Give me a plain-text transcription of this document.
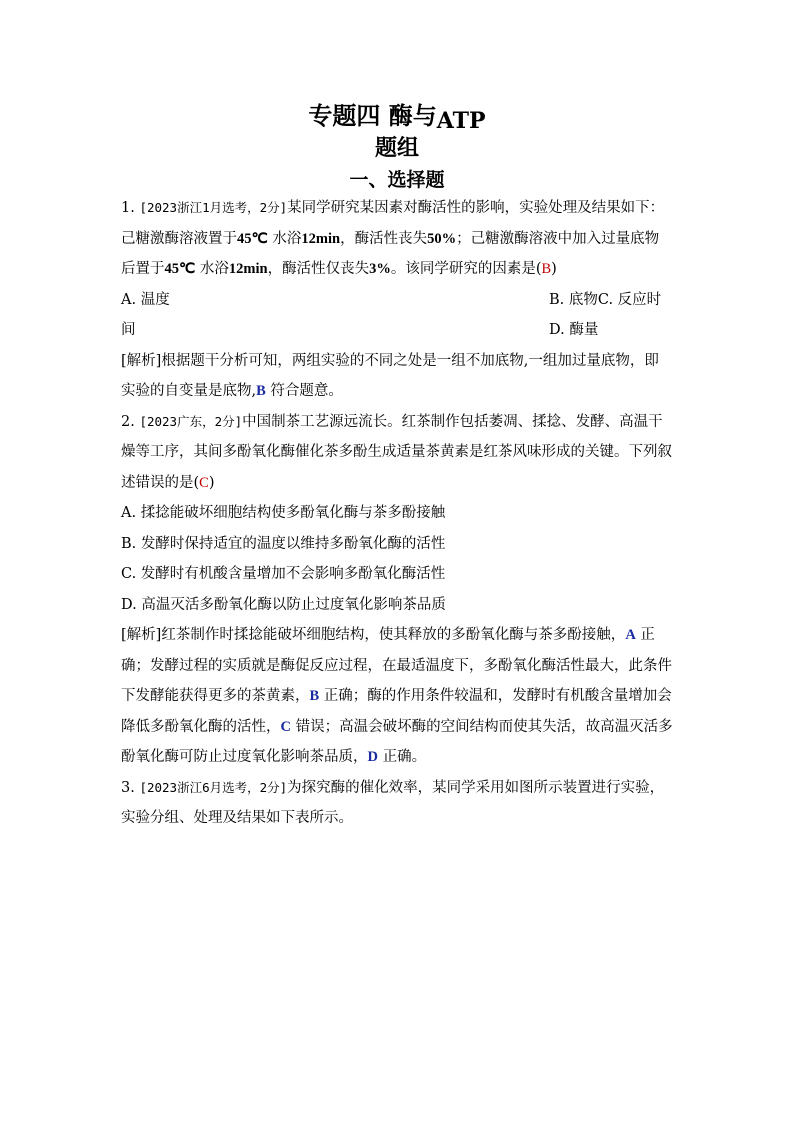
专题四 酶与ATP
题组
一、选择题

1. [2023浙江1月选考，2分]某同学研究某因素对酶活性的影响，实验处理及结果如下：己糖激酶溶液置于45℃ 水浴12min，酶活性丧失50%；己糖激酶溶液中加入过量底物后置于45℃ 水浴12min，酶活性仅丧失3%。该同学研究的因素是(B)

A. 温度	B. 底物C. 反应时
间	D. 酶量

[解析]根据题干分析可知，两组实验的不同之处是一组不加底物,一组加过量底物，即实验的自变量是底物,B 符合题意。

2. [2023广东，2分]中国制茶工艺源远流长。红茶制作包括萎凋、揉捻、发酵、高温干燥等工序，其间多酚氧化酶催化茶多酚生成适量茶黄素是红茶风味形成的关键。下列叙述错误的是(C)

A. 揉捻能破坏细胞结构使多酚氧化酶与茶多酚接触

B. 发酵时保持适宜的温度以维持多酚氧化酶的活性

C. 发酵时有机酸含量增加不会影响多酚氧化酶活性

D. 高温灭活多酚氧化酶以防止过度氧化影响茶品质

[解析]红茶制作时揉捻能破坏细胞结构，使其释放的多酚氧化酶与茶多酚接触，A 正确；发酵过程的实质就是酶促反应过程，在最适温度下，多酚氧化酶活性最大，此条件下发酵能获得更多的茶黄素，B 正确；酶的作用条件较温和，发酵时有机酸含量增加会降低多酚氧化酶的活性，C 错误；高温会破坏酶的空间结构而使其失活，故高温灭活多酚氧化酶可防止过度氧化影响茶品质，D 正确。

3. [2023浙江6月选考，2分]为探究酶的催化效率，某同学采用如图所示装置进行实验，实验分组、处理及结果如下表所示。
